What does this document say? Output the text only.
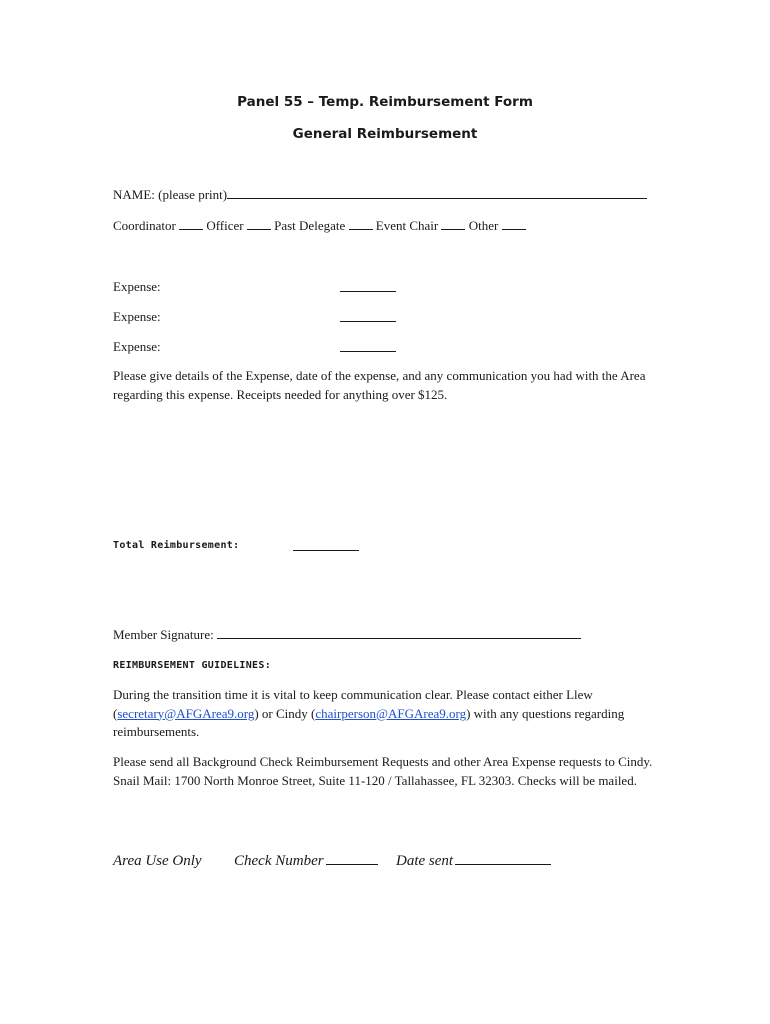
Panel 55 – Temp. Reimbursement Form
General Reimbursement
NAME: (please print)
Coordinator Officer Past Delegate Event Chair Other
Expense:
Expense:
Expense:
Please give details of the Expense, date of the expense, and any communication you had with the Area regarding this expense. Receipts needed for anything over $125.
Total Reimbursement:
Member Signature:
REIMBURSEMENT GUIDELINES:
During the transition time it is vital to keep communication clear. Please contact either Llew (secretary@AFGArea9.org) or Cindy (chairperson@AFGArea9.org) with any questions regarding reimbursements.
Please send all Background Check Reimbursement Requests and other Area Expense requests to Cindy. Snail Mail: 1700 North Monroe Street, Suite 11-120 / Tallahassee, FL 32303. Checks will be mailed.
Area Use Only Check Number	Date sent
